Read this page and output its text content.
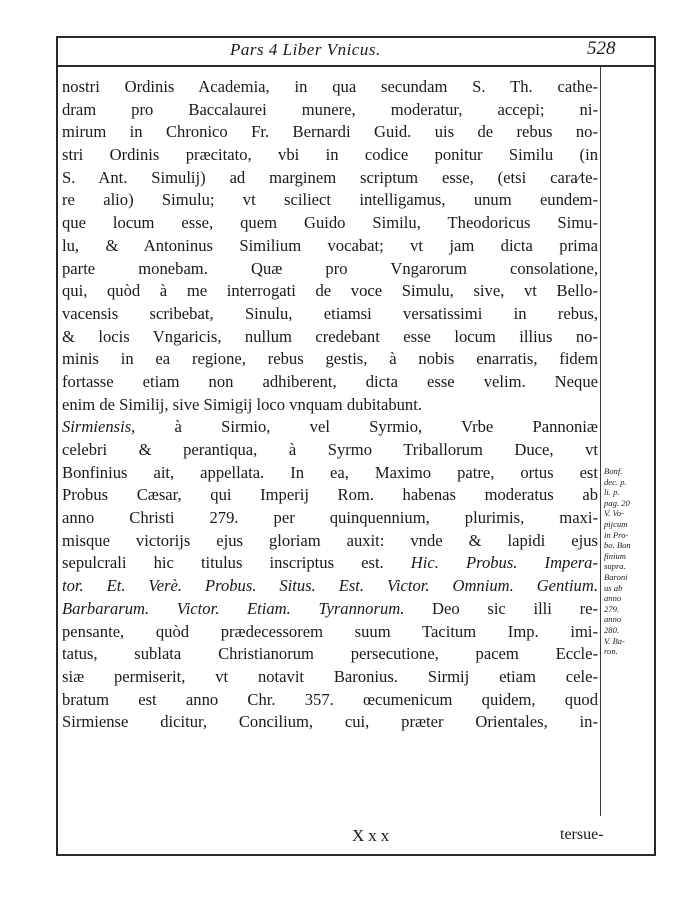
Pars 4 Liber Vnicus.	528
nostri Ordinis Academia, in qua secundam S. Th. cathe-
dram pro Baccalaurei munere, moderatur, accepi; ni-
mirum in Chronico Fr. Bernardi Guid. uis de rebus no-
stri Ordinis præcitato, vbi in codice ponitur Similu (in
S. Ant. Simulij) ad marginem scriptum esse, (etsi cara⁄te-
re alio) Simulu; vt sciliect intelligamus, unum eundem-
que locum esse, quem Guido Similu, Theodoricus Simu-
lu, & Antoninus Similium vocabat; vt jam dicta prima
parte monebam. Quæ pro Vngarorum consolatione,
qui, quòd à me interrogati de voce Simulu, sive, vt Bello-
vacensis scribebat, Sinulu, etiamsi versatissimi in rebus,
& locis Vngaricis, nullum credebant esse locum illius no-
minis in ea regione, rebus gestis, à nobis enarratis, fidem
fortasse etiam non adhiberent, dicta esse velim. Neque
enim de Similij, sive Simigij loco vnquam dubitabunt.
Sirmiensis, à Sirmio, vel Syrmio, Vrbe Pannoniæ
celebri & perantiqua, à Syrmo Triballorum Duce, vt
Bonfinius ait, appellata. In ea, Maximo patre, ortus est
Probus Cæsar, qui Imperij Rom. habenas moderatus ab
anno Christi 279. per quinquennium, plurimis, maxi-
misque victorijs ejus gloriam auxit: vnde & lapidi ejus
sepulcrali hic titulus inscriptus est. Hic. Probus. Impera-
tor. Et. Verè. Probus. Situs. Est. Victor. Omnium. Gentium.
Barbararum. Victor. Etiam. Tyrannorum. Deo sic illi re-
pensante, quòd prædecessorem suum Tacitum Imp. imi-
tatus, sublata Christianorum persecutione, pacem Eccle-
siæ permiserit, vt notavit Baronius. Sirmij etiam cele-
bratum est anno Chr. 357. œcumenicum quidem, quod
Sirmiense dicitur, Concilium, cui, præter Orientales, in-
Bonf.
dec. p.
li. p.
pag. 20
V. Vo-
pijcum
in Pro-
bo. Bon
finium
supra.
Baroni
us ab
anno
279.
anno
280.
V. Ba-
ron.
Xxx	tersue-
